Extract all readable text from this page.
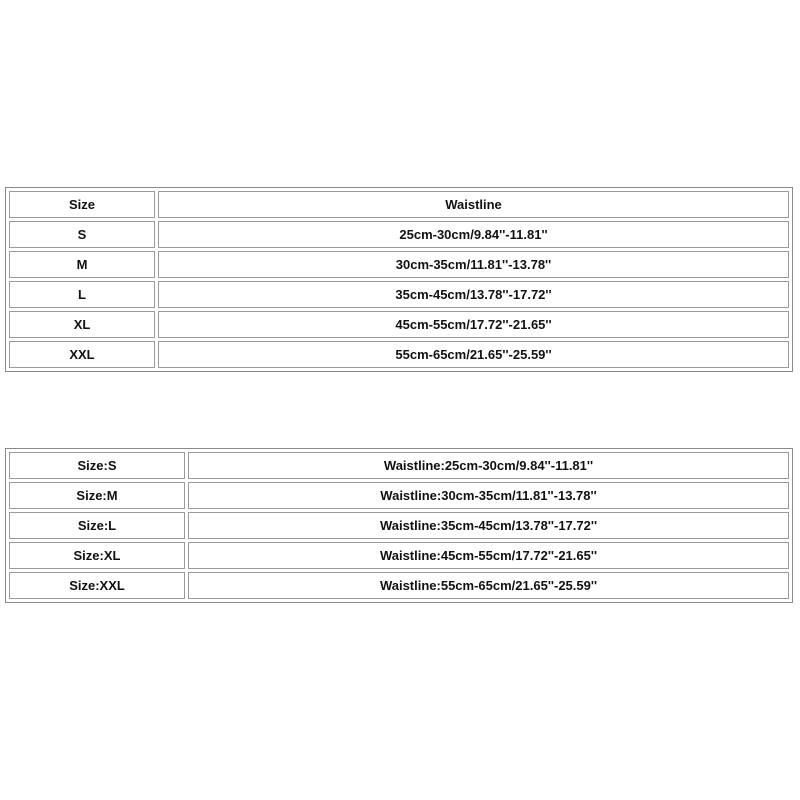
Size	Waistline
S	25cm-30cm/9.84''-11.81''
M	30cm-35cm/11.81''-13.78''
L	35cm-45cm/13.78''-17.72''
XL	45cm-55cm/17.72''-21.65''
XXL	55cm-65cm/21.65''-25.59''
Size:S	Waistline:25cm-30cm/9.84''-11.81''
Size:M	Waistline:30cm-35cm/11.81''-13.78''
Size:L	Waistline:35cm-45cm/13.78''-17.72''
Size:XL	Waistline:45cm-55cm/17.72''-21.65''
Size:XXL	Waistline:55cm-65cm/21.65''-25.59''
